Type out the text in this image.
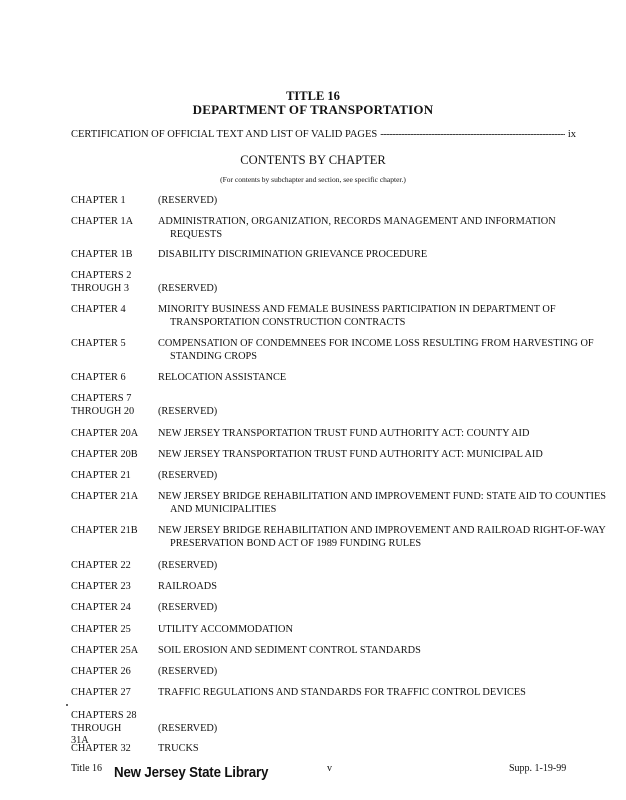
TITLE 16
DEPARTMENT OF TRANSPORTATION
CERTIFICATION OF OFFICIAL TEXT AND LIST OF VALID PAGES
-----	ix
CONTENTS BY CHAPTER
(For contents by subchapter and section, see specific chapter.)
CHAPTER 1	(RESERVED)
CHAPTER 1A	ADMINISTRATION, ORGANIZATION, RECORDS MANAGEMENT AND INFORMATION REQUESTS
CHAPTER 1B	DISABILITY DISCRIMINATION GRIEVANCE PROCEDURE
CHAPTERS 2 THROUGH 3	(RESERVED)
CHAPTER 4	MINORITY BUSINESS AND FEMALE BUSINESS PARTICIPATION IN DEPARTMENT OF TRANSPORTATION CONSTRUCTION CONTRACTS
CHAPTER 5	COMPENSATION OF CONDEMNEES FOR INCOME LOSS RESULTING FROM HARVESTING OF STANDING CROPS
CHAPTER 6	RELOCATION ASSISTANCE
CHAPTERS 7 THROUGH 20	(RESERVED)
CHAPTER 20A	NEW JERSEY TRANSPORTATION TRUST FUND AUTHORITY ACT: COUNTY AID
CHAPTER 20B	NEW JERSEY TRANSPORTATION TRUST FUND AUTHORITY ACT: MUNICIPAL AID
CHAPTER 21	(RESERVED)
CHAPTER 21A	NEW JERSEY BRIDGE REHABILITATION AND IMPROVEMENT FUND: STATE AID TO COUNTIES AND MUNICIPALITIES
CHAPTER 21B	NEW JERSEY BRIDGE REHABILITATION AND IMPROVEMENT AND RAILROAD RIGHT-OF-WAY PRESERVATION BOND ACT OF 1989 FUNDING RULES
CHAPTER 22	(RESERVED)
CHAPTER 23	RAILROADS
CHAPTER 24	(RESERVED)
CHAPTER 25	UTILITY ACCOMMODATION
CHAPTER 25A	SOIL EROSION AND SEDIMENT CONTROL STANDARDS
CHAPTER 26	(RESERVED)
CHAPTER 27	TRAFFIC REGULATIONS AND STANDARDS FOR TRAFFIC CONTROL DEVICES
CHAPTERS 28 THROUGH 31A
(RESERVED)
CHAPTER 32	TRUCKS
Title 16 New Jersey State Library	v	Supp. 1-19-99
